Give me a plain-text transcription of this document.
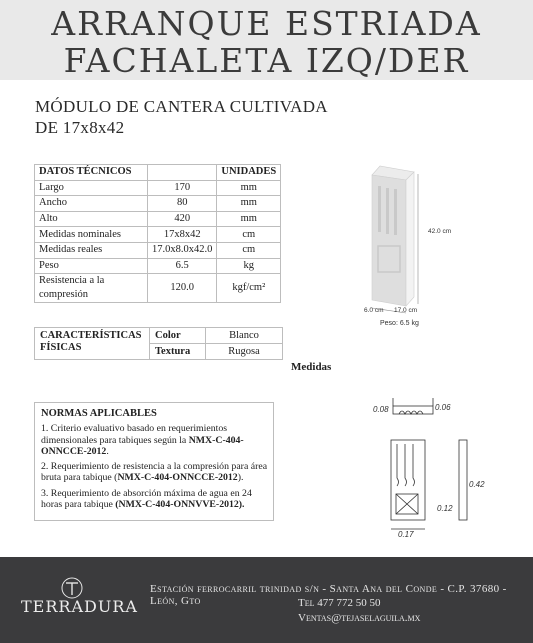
ARRANQUE ESTRIADA
FACHALETA IZQ/DER
MÓDULO DE CANTERA CULTIVADA
DE 17x8x42
DATOS TÉCNICOS		UNIDADES
Largo	170	mm
Ancho	80	mm
Alto	420	mm
Medidas nominales	17x8x42	cm
Medidas reales	17.0x8.0x42.0	cm
Peso	6.5	kg
Resistencia a la compresión	120.0	kgf/cm²
42.0 cm
6.0 cm 17.0 cm
Peso: 6.5 kg
CARACTERÍSTICAS FÍSICAS	Color	Blanco
	Textura	Rugosa
Medidas
NORMAS APLICABLES

1. Criterio evaluativo basado en requerimientos dimensionales para tabiques según la NMX-C-404-ONNCCE-2012.

2. Requerimiento de resistencia a la compresión para área bruta para tabique (NMX-C-404-ONNCCE-2012).

3. Requerimiento de absorción máxima de agua en 24 horas para tabique (NMX-C-404-ONNVVE-2012).

0.08	0.06
0.42
0.12
0.17
TERRADURA
Estación ferrocarril trinidad s/n - Santa Ana del Conde - C.P. 37680 - León, Gto	Tel 477 772 50 50
Ventas@tejaselaguila.mx
